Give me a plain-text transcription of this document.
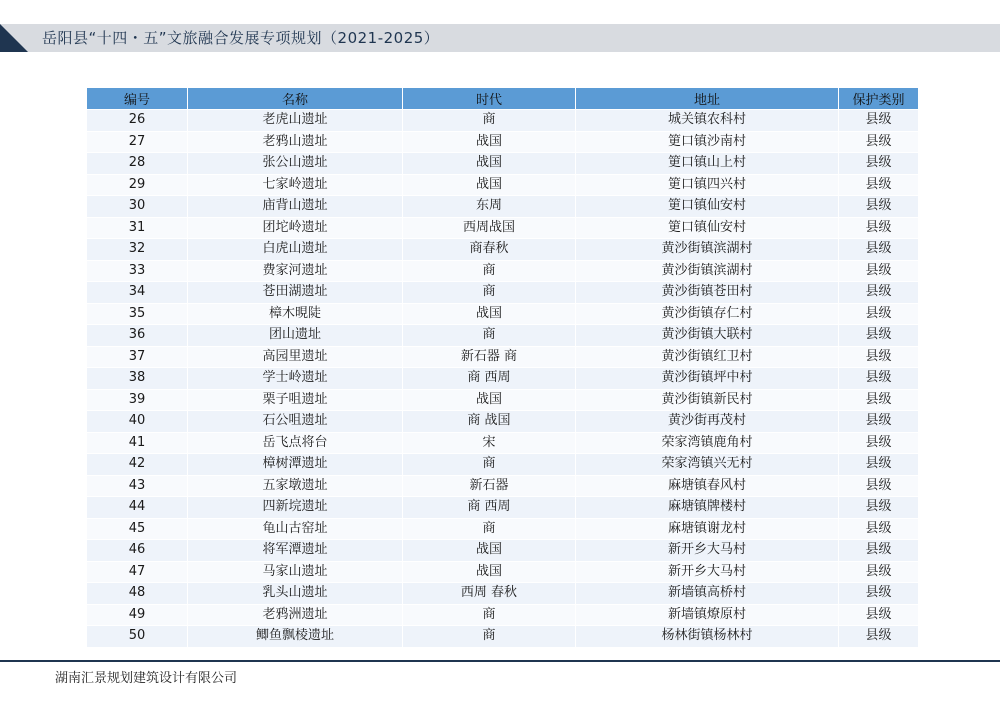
岳阳县“十四・五”文旅融合发展专项规划（2021-2025）
编号	名称	时代	地址	保护类别
26	老虎山遗址	商	城关镇农科村	县级
27	老鸦山遗址	战国	筻口镇沙南村	县级
28	张公山遗址	战国	筻口镇山上村	县级
29	七家岭遗址	战国	筻口镇四兴村	县级
30	庙背山遗址	东周	筻口镇仙安村	县级
31	团坨岭遗址	西周战国	筻口镇仙安村	县级
32	白虎山遗址	商春秋	黄沙街镇滨湖村	县级
33	费家河遗址	商	黄沙街镇滨湖村	县级
34	苍田湖遗址	商	黄沙街镇苍田村	县级
35	樟木晛陡	战国	黄沙街镇存仁村	县级
36	团山遗址	商	黄沙街镇大联村	县级
37	高园里遗址	新石器 商	黄沙街镇红卫村	县级
38	学士岭遗址	商 西周	黄沙街镇坪中村	县级
39	栗子咀遗址	战国	黄沙街镇新民村	县级
40	石公咀遗址	商 战国	黄沙街再茂村	县级
41	岳飞点将台	宋	荣家湾镇鹿角村	县级
42	樟树潭遗址	商	荣家湾镇兴无村	县级
43	五家墩遗址	新石器	麻塘镇春风村	县级
44	四新垸遗址	商 西周	麻塘镇牌楼村	县级
45	龟山古窑址	商	麻塘镇谢龙村	县级
46	将军潭遗址	战国	新开乡大马村	县级
47	马家山遗址	战国	新开乡大马村	县级
48	乳头山遗址	西周 春秋	新墙镇高桥村	县级
49	老鸦洲遗址	商	新墙镇燎原村	县级
50	鲫鱼飘棱遗址	商	杨林街镇杨林村	县级
湖南汇景规划建筑设计有限公司
